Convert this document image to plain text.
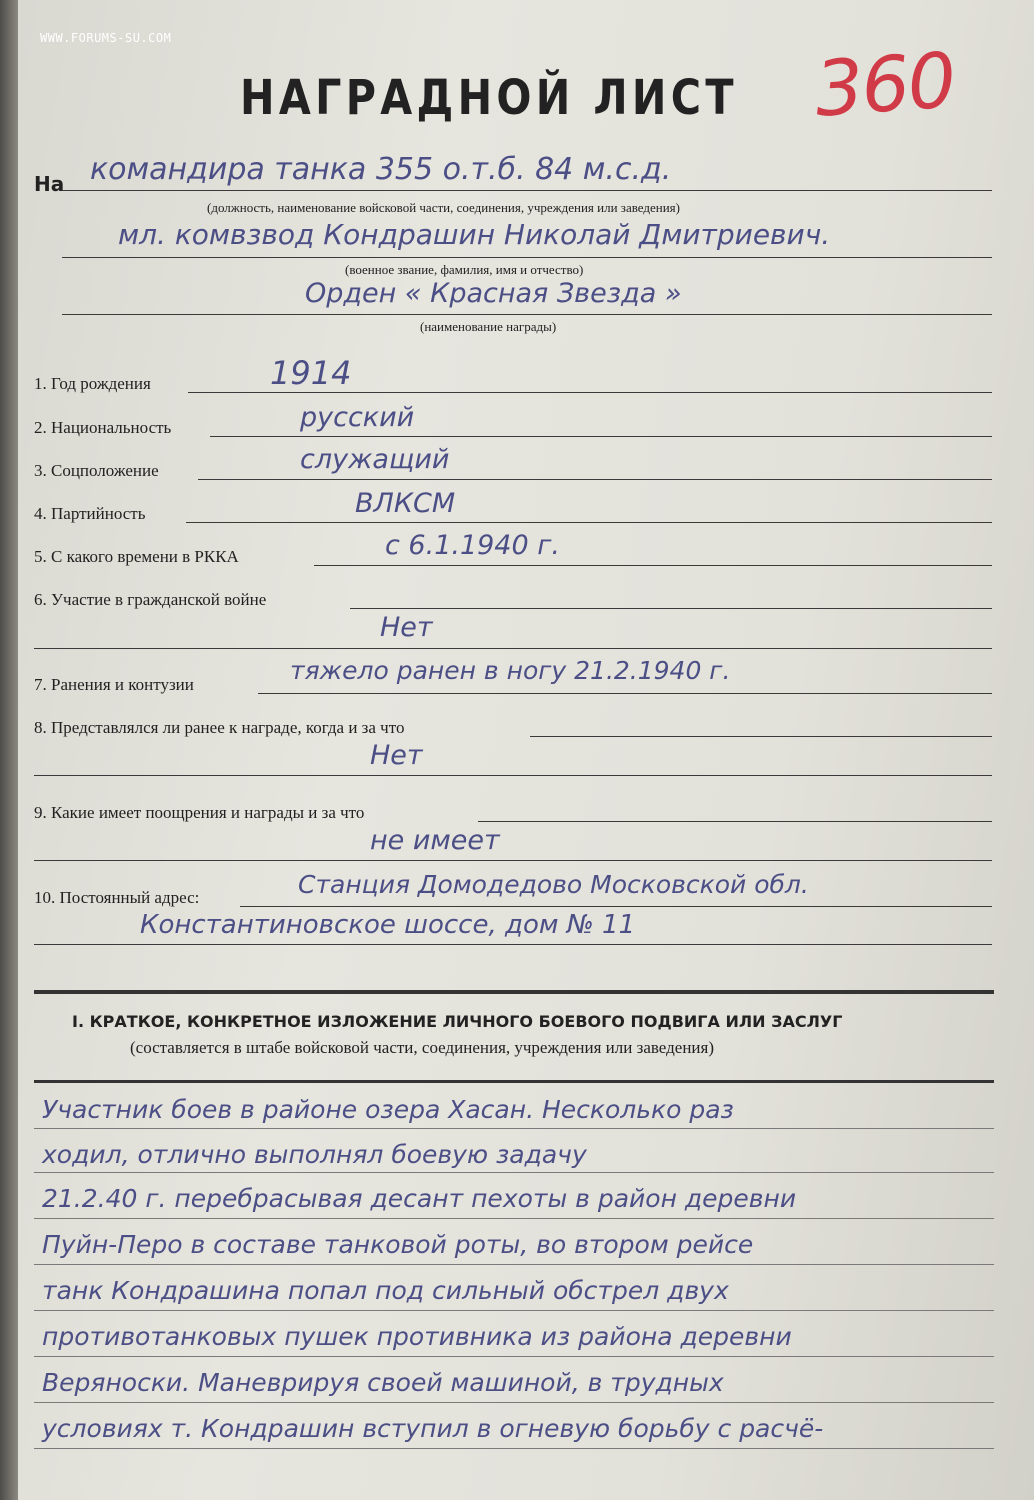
WWW.FORUMS-SU.COM
НАГРАДНОЙ ЛИСТ 360
На командира танка 355 о.т.б. 84 м.с.д.
(должность, наименование войсковой части, соединения, учреждения или заведения)
мл. комвзвод Кондрашин Николай Дмитриевич.
(военное звание, фамилия, имя и отчество)
Орден « Красная Звезда »
(наименование награды)
1. Год рождения	1914
2. Национальность	русский
3. Соцположение	служащий
4. Партийность	ВЛКСМ
5. С какого времени в РККА	с 6.1.1940 г.
6. Участие в гражданской войне
Нет
7. Ранения и контузии	тяжело ранен в ногу 21.2.1940 г.
8. Представлялся ли ранее к награде, когда и за что
Нет
9. Какие имеет поощрения и награды и за что
не имеет
10. Постоянный адрес:	Станция Домодедово Московской обл.
Константиновское шоссе, дом № 11
I. КРАТКОЕ, КОНКРЕТНОЕ ИЗЛОЖЕНИЕ ЛИЧНОГО БОЕВОГО ПОДВИГА ИЛИ ЗАСЛУГ
(составляется в штабе войсковой части, соединения, учреждения или заведения)
Участник боев в районе озера Хасан. Несколько раз
ходил, отлично выполнял боевую задачу
21.2.40 г. перебрасывая десант пехоты в район деревни
Пуйн-Перо в составе танковой роты, во втором рейсе
танк Кондрашина попал под сильный обстрел двух
противотанковых пушек противника из района деревни
Веряноски. Маневрируя своей машиной, в трудных
условиях т. Кондрашин вступил в огневую борьбу с расчё-
